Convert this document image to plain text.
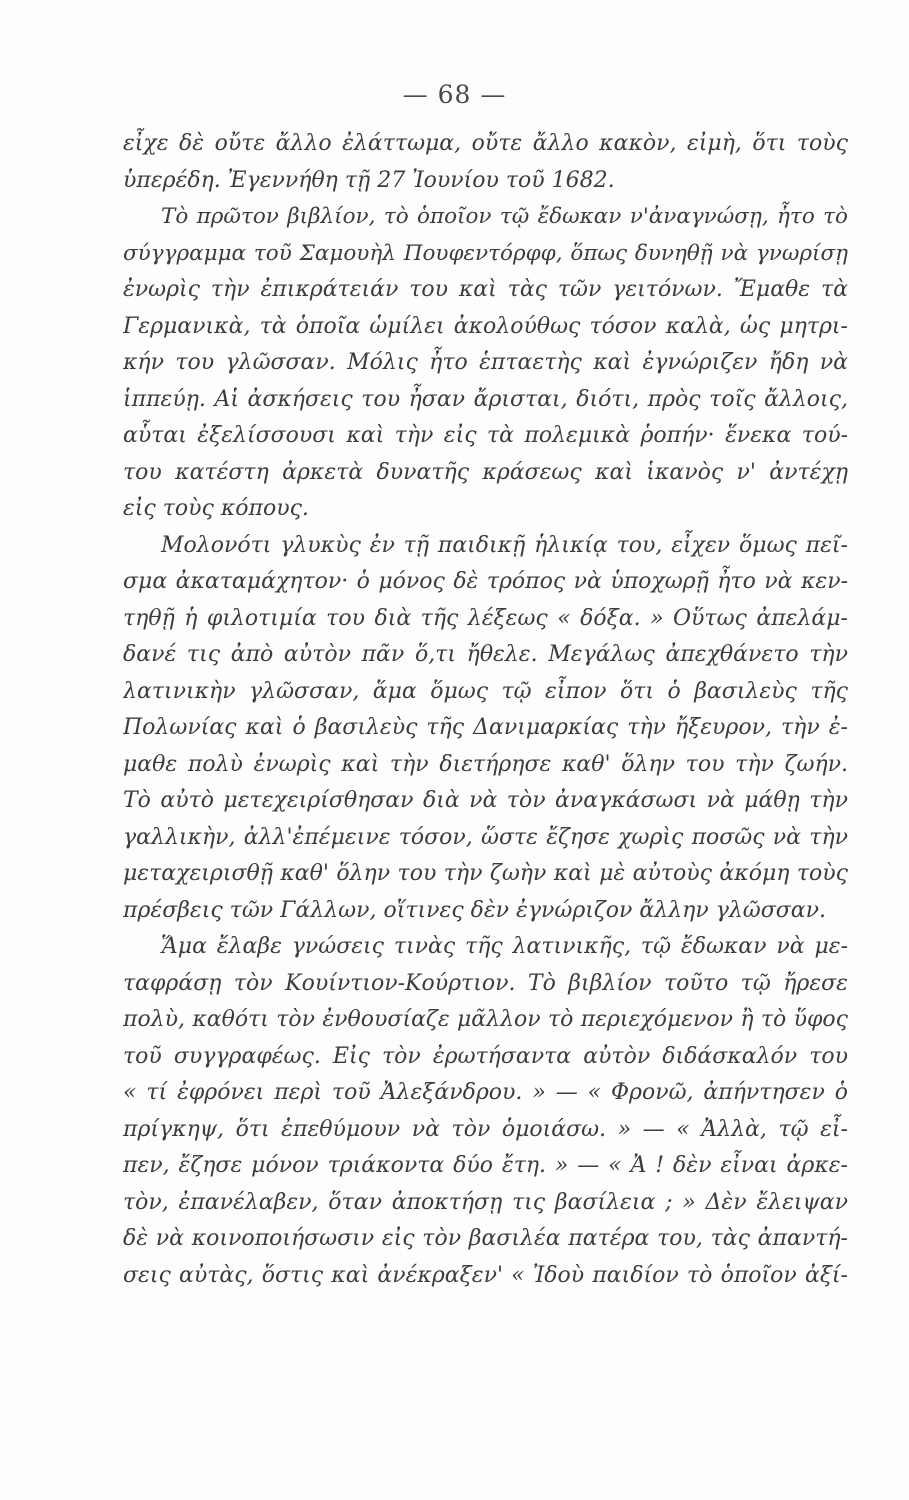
— 68 —
εἶχε δὲ οὔτε ἄλλο ἐλάττωμα, οὔτε ἄλλο κακὸν, εἰμὴ, ὅτι τοὺς
ὑπερέδη. Ἐγεννήθη τῇ 27 Ἰουνίου τοῦ 1682.
Τὸ πρῶτον βιβλίον, τὸ ὁποῖον τῷ ἔδωκαν ν'ἀναγνώσῃ, ἦτο τὸ
σύγγραμμα τοῦ Σαμουὴλ Πουφεντόρφφ, ὅπως δυνηθῇ νὰ γνωρίσῃ
ἐνωρὶς τὴν ἐπικράτειάν του καὶ τὰς τῶν γειτόνων. Ἔμαθε τὰ
Γερμανικὰ, τὰ ὁποῖα ὡμίλει ἀκολούθως τόσον καλὰ, ὡς μητρι-
κήν του γλῶσσαν. Μόλις ἦτο ἑπταετὴς καὶ ἐγνώριζεν ἤδη νὰ
ἱππεύῃ. Αἱ ἀσκήσεις του ἦσαν ἄρισται, διότι, πρὸς τοῖς ἄλλοις,
αὗται ἐξελίσσουσι καὶ τὴν εἰς τὰ πολεμικὰ ῥοπήν· ἕνεκα τού-
του κατέστη ἀρκετὰ δυνατῆς κράσεως καὶ ἱκανὸς ν' ἀντέχῃ
εἰς τοὺς κόπους.
Μολονότι γλυκὺς ἐν τῇ παιδικῇ ἡλικίᾳ του, εἶχεν ὅμως πεῖ-
σμα ἀκαταμάχητον· ὁ μόνος δὲ τρόπος νὰ ὑποχωρῇ ἦτο νὰ κεν-
τηθῇ ἡ φιλοτιμία του διὰ τῆς λέξεως « δόξα. » Οὕτως ἀπελάμ-
δανέ τις ἀπὸ αὐτὸν πᾶν ὅ,τι ἤθελε. Μεγάλως ἀπεχθάνετο τὴν
λατινικὴν γλῶσσαν, ἅμα ὅμως τῷ εἶπον ὅτι ὁ βασιλεὺς τῆς
Πολωνίας καὶ ὁ βασιλεὺς τῆς Δανιμαρκίας τὴν ἤξευρον, τὴν ἐ-
μαθε πολὺ ἐνωρὶς καὶ τὴν διετήρησε καθ' ὅλην του τὴν ζωήν.
Τὸ αὐτὸ μετεχειρίσθησαν διὰ νὰ τὸν ἀναγκάσωσι νὰ μάθῃ τὴν
γαλλικὴν, ἀλλ'ἐπέμεινε τόσον, ὥστε ἔζησε χωρὶς ποσῶς νὰ τὴν
μεταχειρισθῇ καθ' ὅλην του τὴν ζωὴν καὶ μὲ αὐτοὺς ἀκόμη τοὺς
πρέσβεις τῶν Γάλλων, οἵτινες δὲν ἐγνώριζον ἄλλην γλῶσσαν.
Ἅμα ἔλαβε γνώσεις τινὰς τῆς λατινικῆς, τῷ ἔδωκαν νὰ με-
ταφράσῃ τὸν Κουίντιον-Κούρτιον. Τὸ βιβλίον τοῦτο τῷ ἤρεσε
πολὺ, καθότι τὸν ἐνθουσίαζε μᾶλλον τὸ περιεχόμενον ἢ τὸ ὕφος
τοῦ συγγραφέως. Εἰς τὸν ἐρωτήσαντα αὐτὸν διδάσκαλόν του
« τί ἐφρόνει περὶ τοῦ Ἀλεξάνδρου. » — « Φρονῶ, ἀπήντησεν ὁ
πρίγκηψ, ὅτι ἐπεθύμουν νὰ τὸν ὁμοιάσω. » — « Ἀλλὰ, τῷ εἶ-
πεν, ἔζησε μόνον τριάκοντα δύο ἔτη. » — « Ἀ ! δὲν εἶναι ἀρκε-
τὸν, ἐπανέλαβεν, ὅταν ἀποκτήσῃ τις βασίλεια ; » Δὲν ἔλειψαν
δὲ νὰ κοινοποιήσωσιν εἰς τὸν βασιλέα πατέρα του, τὰς ἀπαντή-
σεις αὐτὰς, ὅστις καὶ ἀνέκραξεν' « Ἰδοὺ παιδίον τὸ ὁποῖον ἀξί-
